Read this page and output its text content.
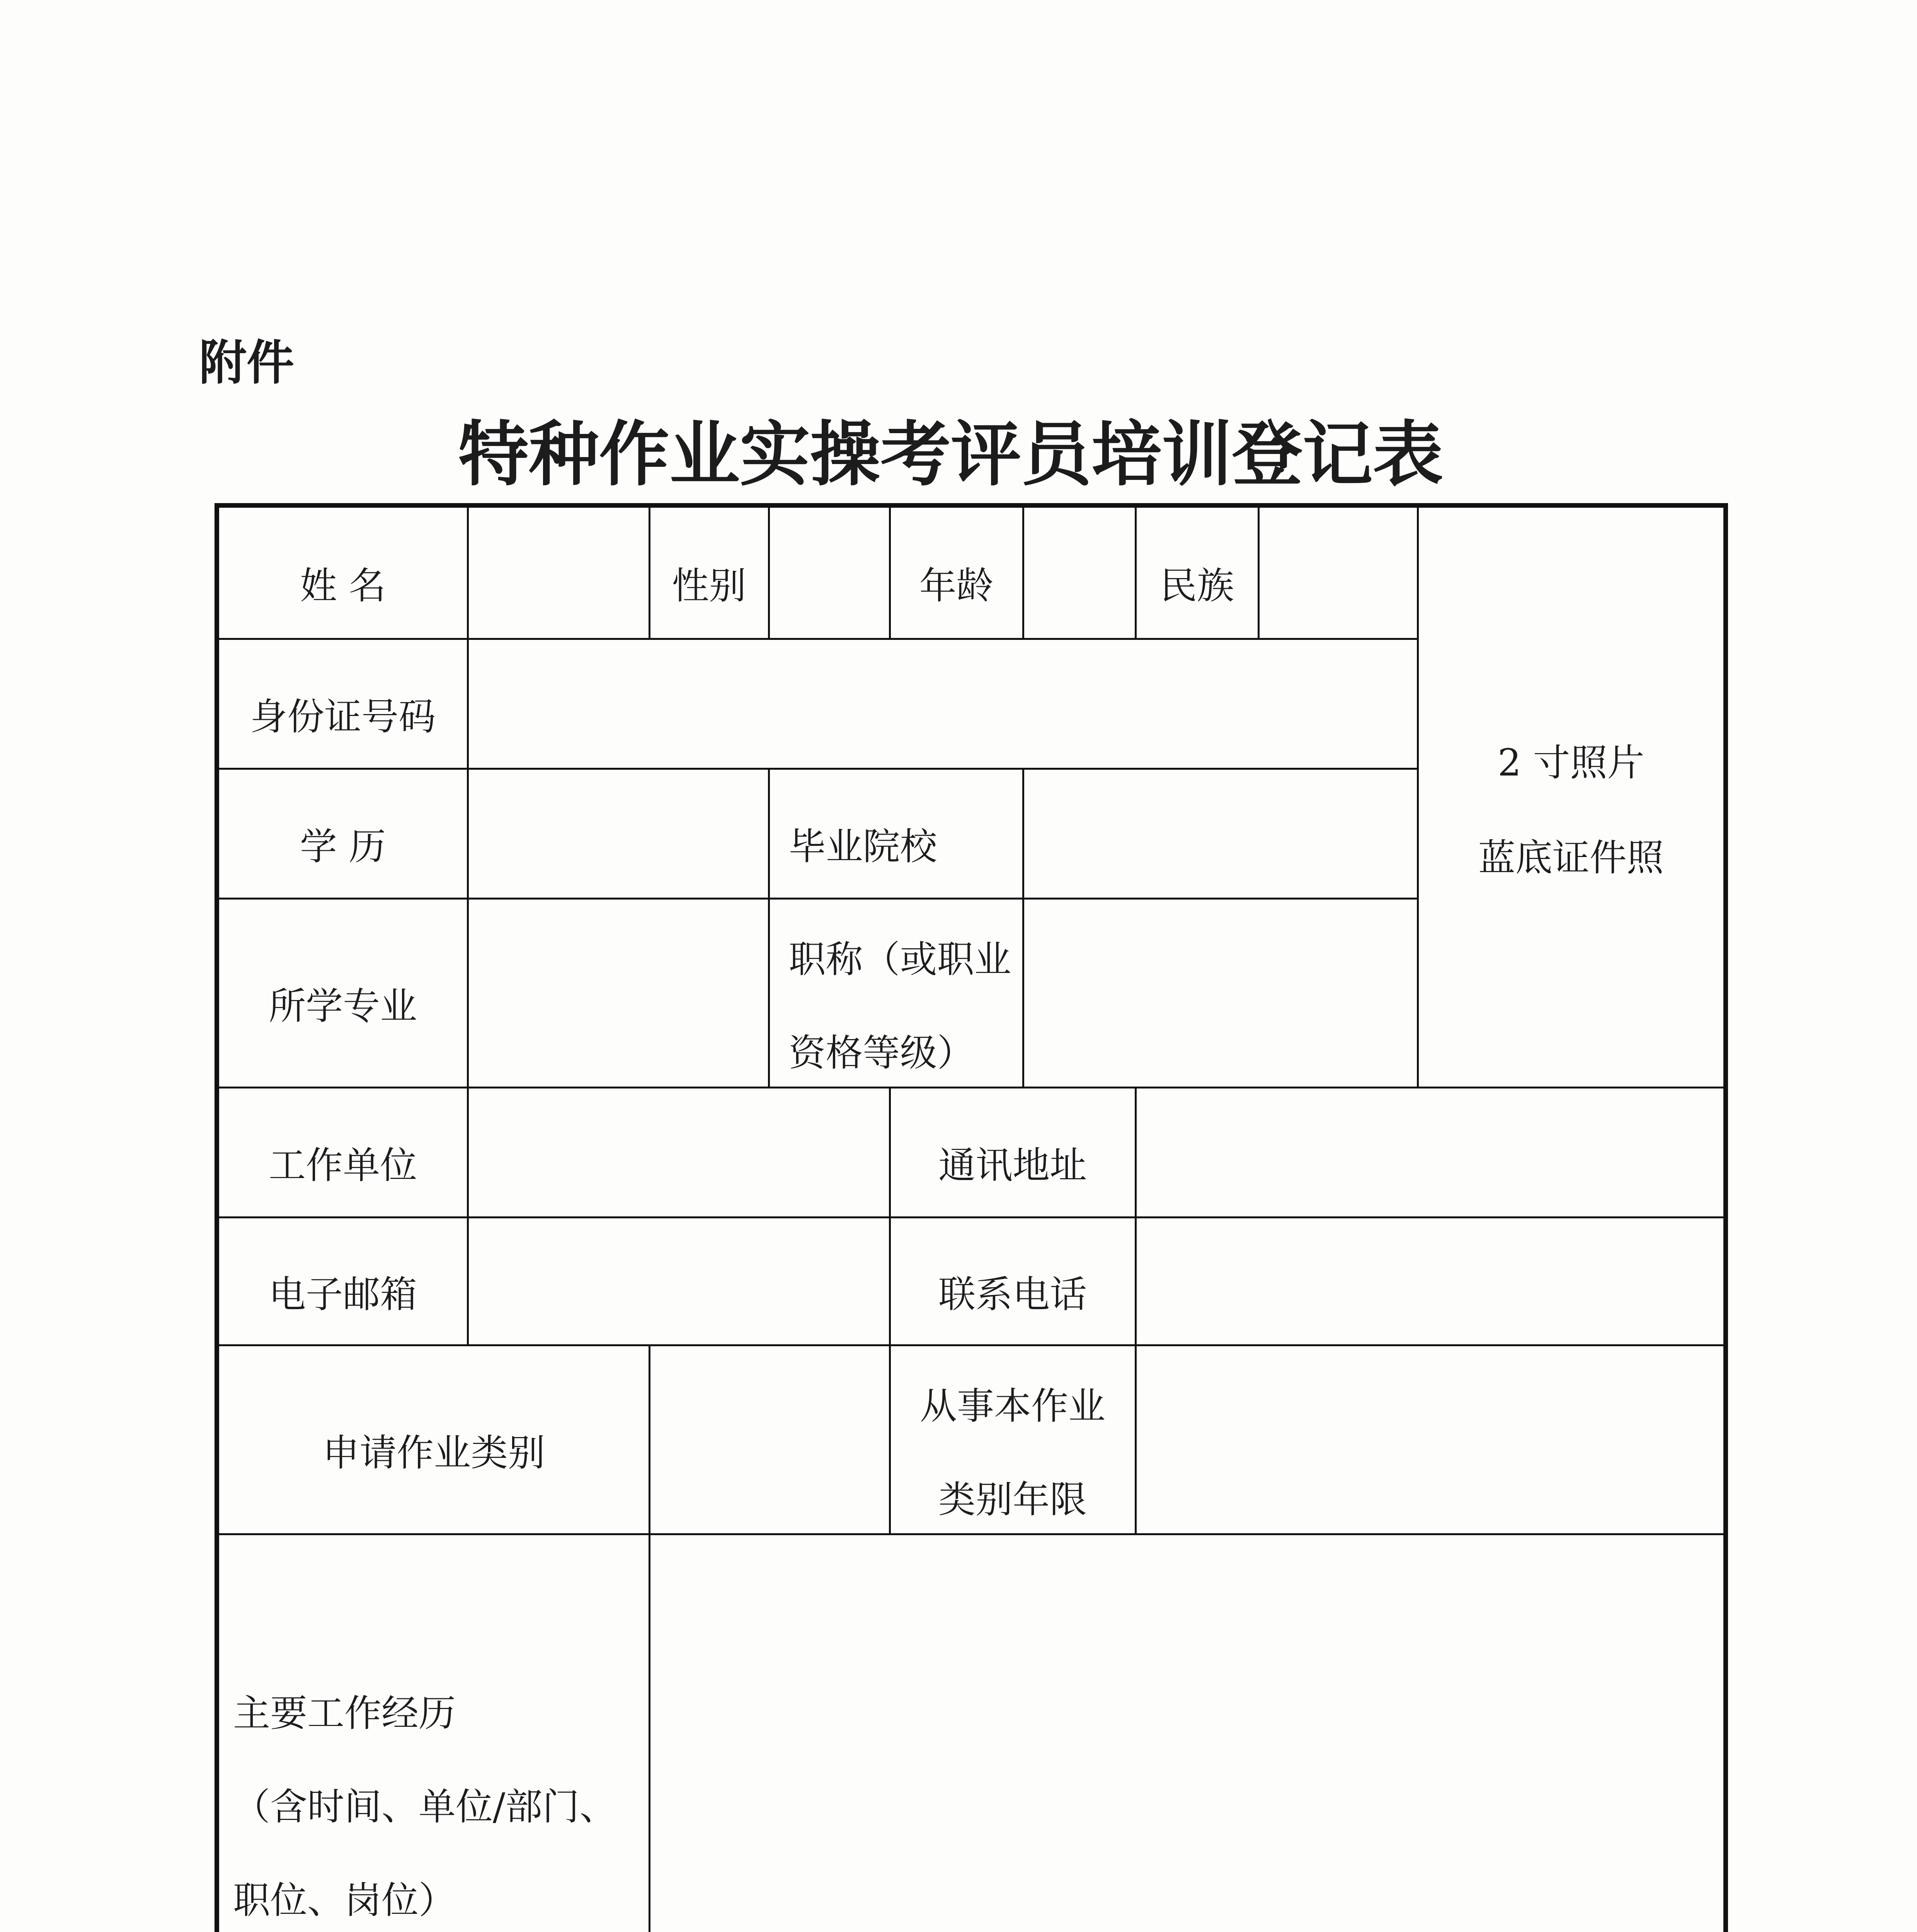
附件
特种作业实操考评员培训登记表
姓 名		性别		年龄		民族		2 寸照片
蓝底证件照

身份证号码								

学 历			毕业院校					

所学专业			职称（或职业
资格等级）					

工作单位				通讯地址				

电子邮箱				联系电话				

申请作业类别				从事本作业
类别年限				

主要工作经历
（含时间、单位/部门、
职位、岗位）								
